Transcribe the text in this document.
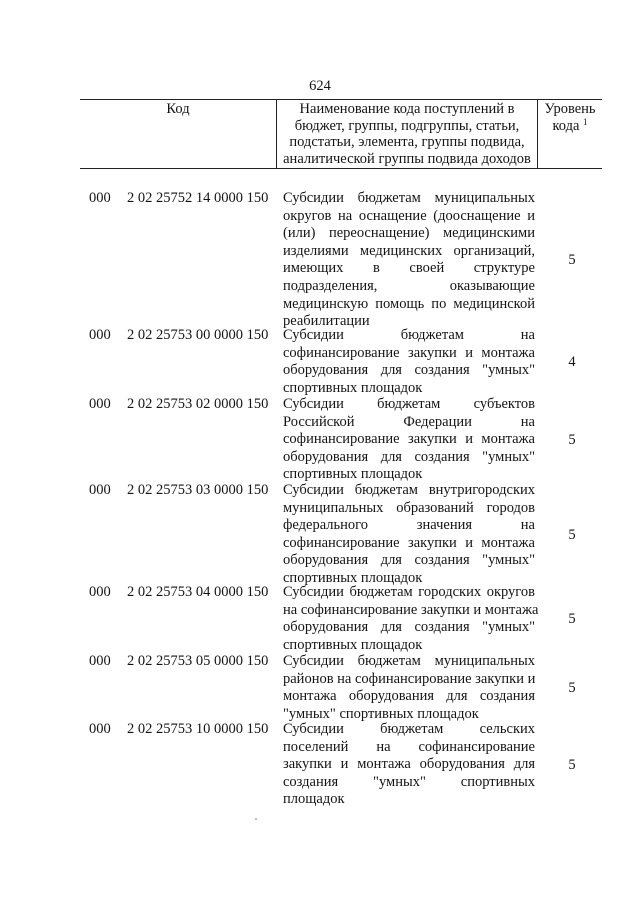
624
Код	Наименование кода поступлений в
бюджет, группы, подгруппы, статьи,
подстатьи, элемента, группы подвида,
аналитической группы подвида доходов
Уровень
кода $^1$
000 2 02 25752 14 0000 150 Субсидии бюджетам муниципальных
округов на оснащение (дооснащение и
(или) переоснащение) медицинскими
изделиями медицинских организаций,
имеющих в своей структуре
подразделения, оказывающие
медицинскую помощь по медицинской
реабилитации
5
000 2 02 25753 00 0000 150 Субсидии бюджетам на
софинансирование закупки и монтажа
оборудования для создания "умных"
спортивных площадок
4
000 2 02 25753 02 0000 150 Субсидии бюджетам субъектов
Российской Федерации на
софинансирование закупки и монтажа
оборудования для создания "умных"
спортивных площадок
5
000 2 02 25753 03 0000 150 Субсидии бюджетам внутригородских
муниципальных образований городов
федерального значения на
софинансирование закупки и монтажа
оборудования для создания "умных"
спортивных площадок
5
000 2 02 25753 04 0000 150 Субсидии бюджетам городских округов
на софинансирование закупки и монтажа
оборудования для создания "умных"
спортивных площадок
5
000 2 02 25753 05 0000 150 Субсидии бюджетам муниципальных
районов на софинансирование закупки и
монтажа оборудования для создания
"умных" спортивных площадок
5
000 2 02 25753 10 0000 150 Субсидии бюджетам сельских
поселений на софинансирование
закупки и монтажа оборудования для
создания "умных" спортивных
площадок
5
